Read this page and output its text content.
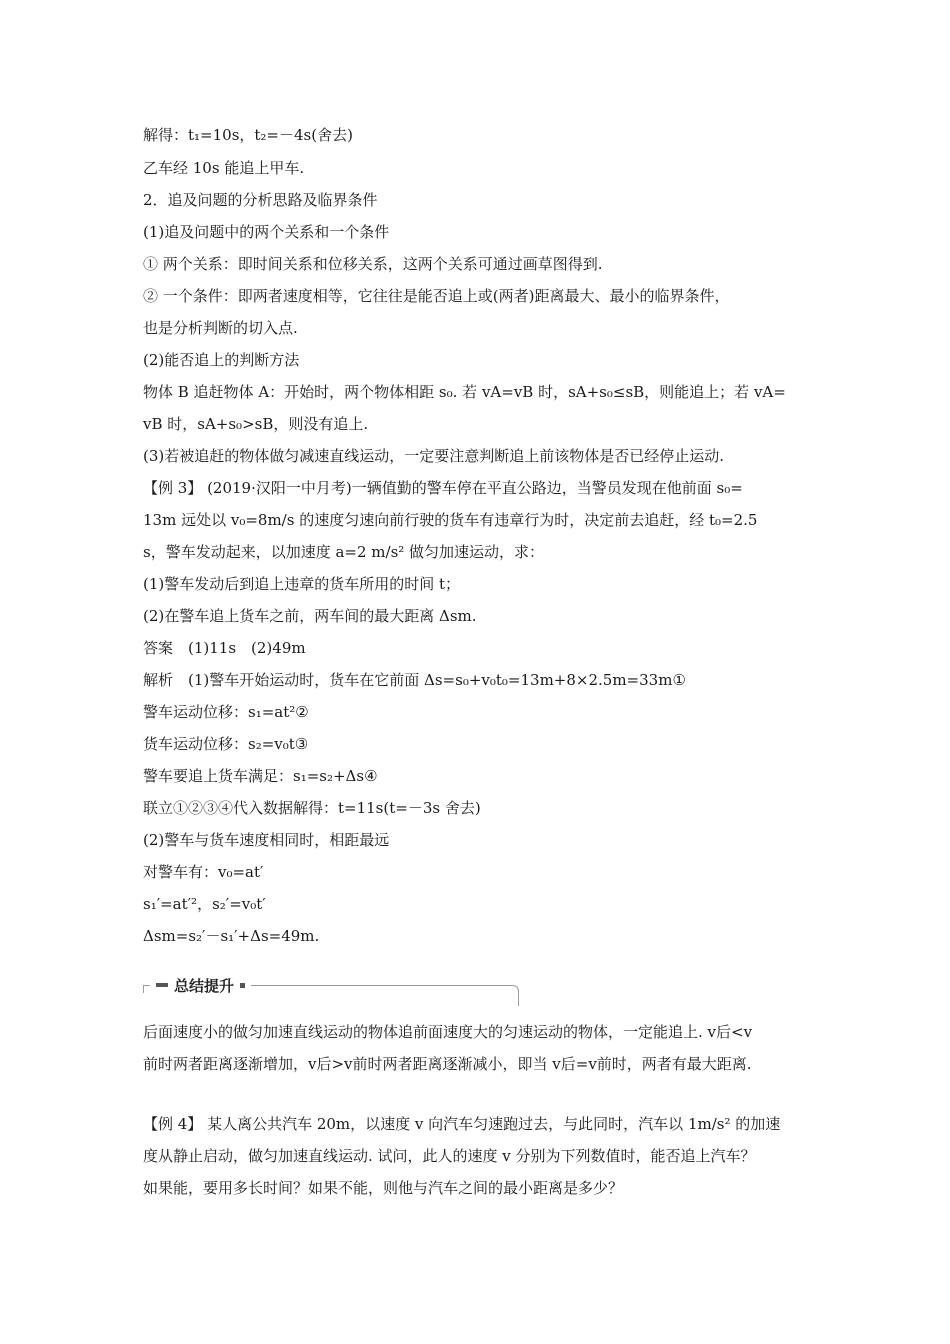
解得：t₁=10s，t₂=－4s(舍去)
乙车经 10s 能追上甲车.
2．追及问题的分析思路及临界条件
(1)追及问题中的两个关系和一个条件
① 两个关系：即时间关系和位移关系，这两个关系可通过画草图得到.
② 一个条件：即两者速度相等，它往往是能否追上或(两者)距离最大、最小的临界条件，
也是分析判断的切入点.
(2)能否追上的判断方法
物体 B 追赶物体 A：开始时，两个物体相距 s₀. 若 vA=vB 时，sA+s₀≤sB，则能追上；若 vA=
vB 时，sA+s₀>sB，则没有追上.
(3)若被追赶的物体做匀减速直线运动，一定要注意判断追上前该物体是否已经停止运动.
【例 3】 (2019·汉阳一中月考)一辆值勤的警车停在平直公路边，当警员发现在他前面 s₀=
13m 远处以 v₀=8m/s 的速度匀速向前行驶的货车有违章行为时，决定前去追赶，经 t₀=2.5
s，警车发动起来，以加速度 a=2 m/s² 做匀加速运动，求：
(1)警车发动后到追上违章的货车所用的时间 t；
(2)在警车追上货车之前，两车间的最大距离 Δsm.
答案　(1)11s　(2)49m
解析　(1)警车开始运动时，货车在它前面 Δs=s₀+v₀t₀=13m+8×2.5m=33m①
警车运动位移：s₁=at²②
货车运动位移：s₂=v₀t③
警车要追上货车满足：s₁=s₂+Δs④
联立①②③④代入数据解得：t=11s(t=－3s 舍去)
(2)警车与货车速度相同时，相距最远
对警车有：v₀=at′
s₁′=at′²，s₂′=v₀t′
Δsm=s₂′－s₁′+Δs=49m.
总结提升
后面速度小的做匀加速直线运动的物体追前面速度大的匀速运动的物体，一定能追上. v后<v
前时两者距离逐渐增加，v后>v前时两者距离逐渐减小，即当 v后=v前时，两者有最大距离.
【例 4】 某人离公共汽车 20m，以速度 v 向汽车匀速跑过去，与此同时，汽车以 1m/s² 的加速
度从静止启动，做匀加速直线运动. 试问，此人的速度 v 分别为下列数值时，能否追上汽车？
如果能，要用多长时间？如果不能，则他与汽车之间的最小距离是多少？
